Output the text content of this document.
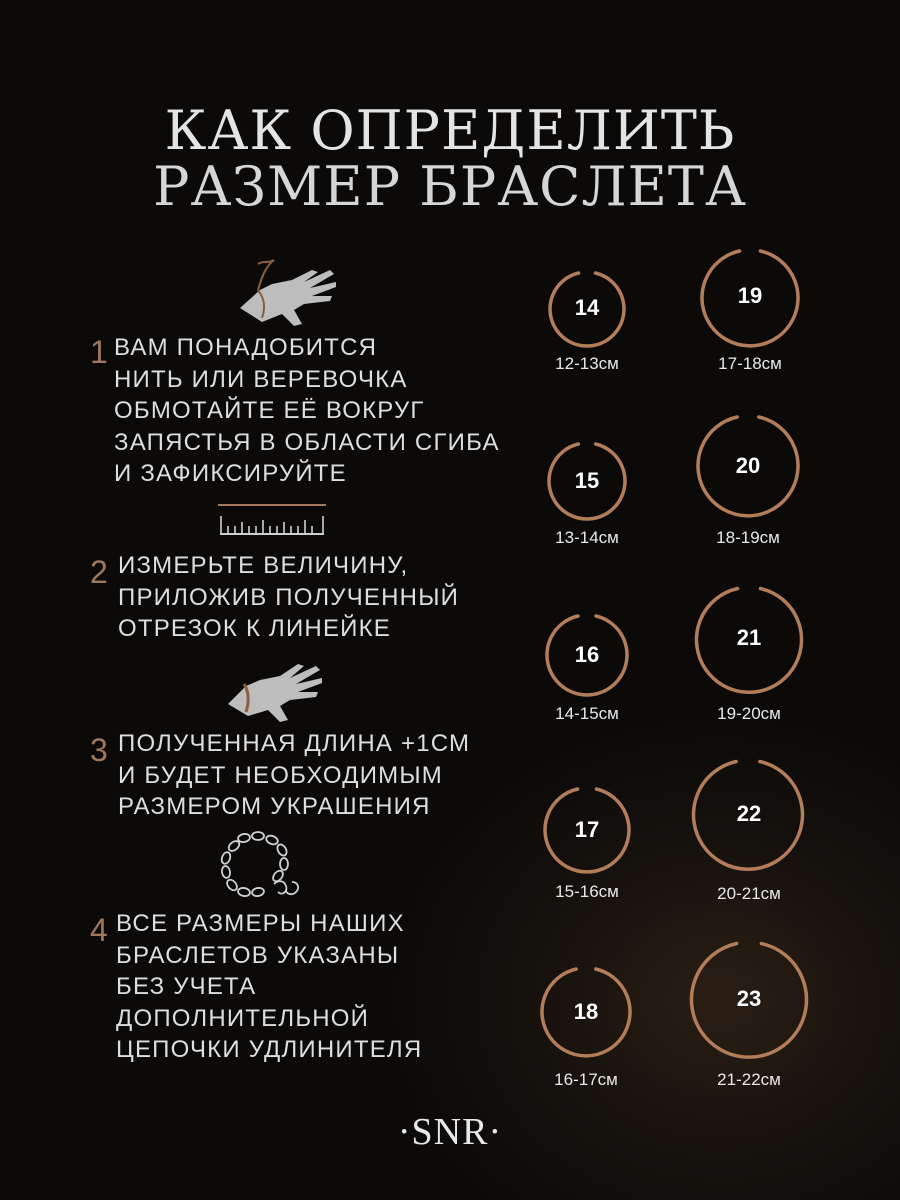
КАК ОПРЕДЕЛИТЬ
РАЗМЕР БРАСЛЕТА
1 ВАМ ПОНАДОБИТСЯ
НИТЬ ИЛИ ВЕРЕВОЧКА
ОБМОТАЙТЕ ЕЁ ВОКРУГ
ЗАПЯСТЬЯ В ОБЛАСТИ СГИБА
И ЗАФИКСИРУЙТЕ
2 ИЗМЕРЬТЕ ВЕЛИЧИНУ,
ПРИЛОЖИВ ПОЛУЧЕННЫЙ
ОТРЕЗОК К ЛИНЕЙКЕ
3 ПОЛУЧЕННАЯ ДЛИНА +1СМ
И БУДЕТ НЕОБХОДИМЫМ
РАЗМЕРОМ УКРАШЕНИЯ
4 ВСЕ РАЗМЕРЫ НАШИХ
БРАСЛЕТОВ УКАЗАНЫ
БЕЗ УЧЕТА
ДОПОЛНИТЕЛЬНОЙ
ЦЕПОЧКИ УДЛИНИТЕЛЯ
14
12-13см
15
13-14см
16
14-15см
17
15-16см
18
16-17см
19
17-18см
20
18-19см
21
19-20см
22
20-21см
23
21-22см
·SNR·
